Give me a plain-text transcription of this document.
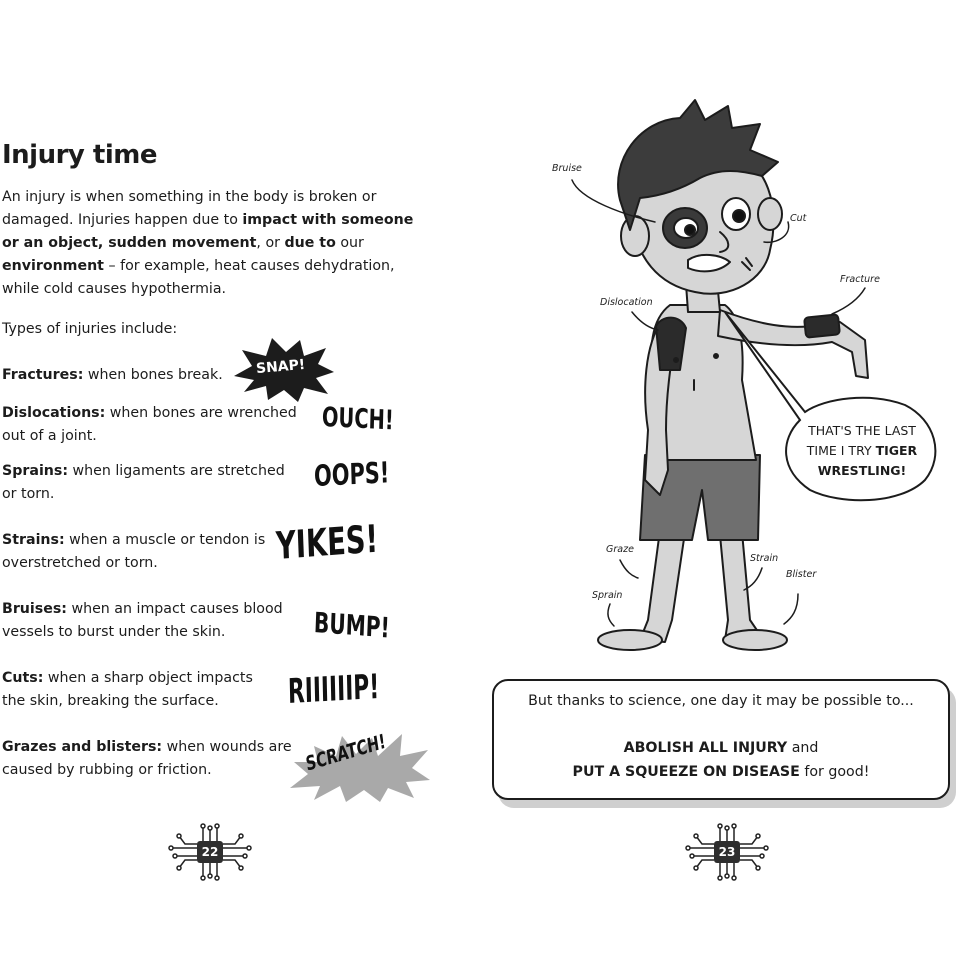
Injury time

An injury is when something in the body is broken or damaged. Injuries happen due to impact with someone or an object, sudden movement, or due to our environment – for example, heat causes dehydration, while cold causes hypothermia.

Types of injuries include:

Fractures: when bones break.

Dislocations: when bones are wrenched out of a joint.

Sprains: when ligaments are stretched or torn.

Strains: when a muscle or tendon is overstretched or torn.

Bruises: when an impact causes blood vessels to burst under the skin.

Cuts: when a sharp object impacts the skin, breaking the surface.

Grazes and blisters: when wounds are caused by rubbing or friction.

SNAP!
OUCH!
OOPS!
YIKES!
BUMP!
RIIIIIIP!
SCRATCH!
22
Bruise
Cut
Fracture
Dislocation
Graze
Sprain
Strain
Blister
THAT'S THE LAST
TIME I TRY TIGER
WRESTLING!
23
But thanks to science, one day it may be possible to...
ABOLISH ALL INJURY and
PUT A SQUEEZE ON DISEASE for good!
